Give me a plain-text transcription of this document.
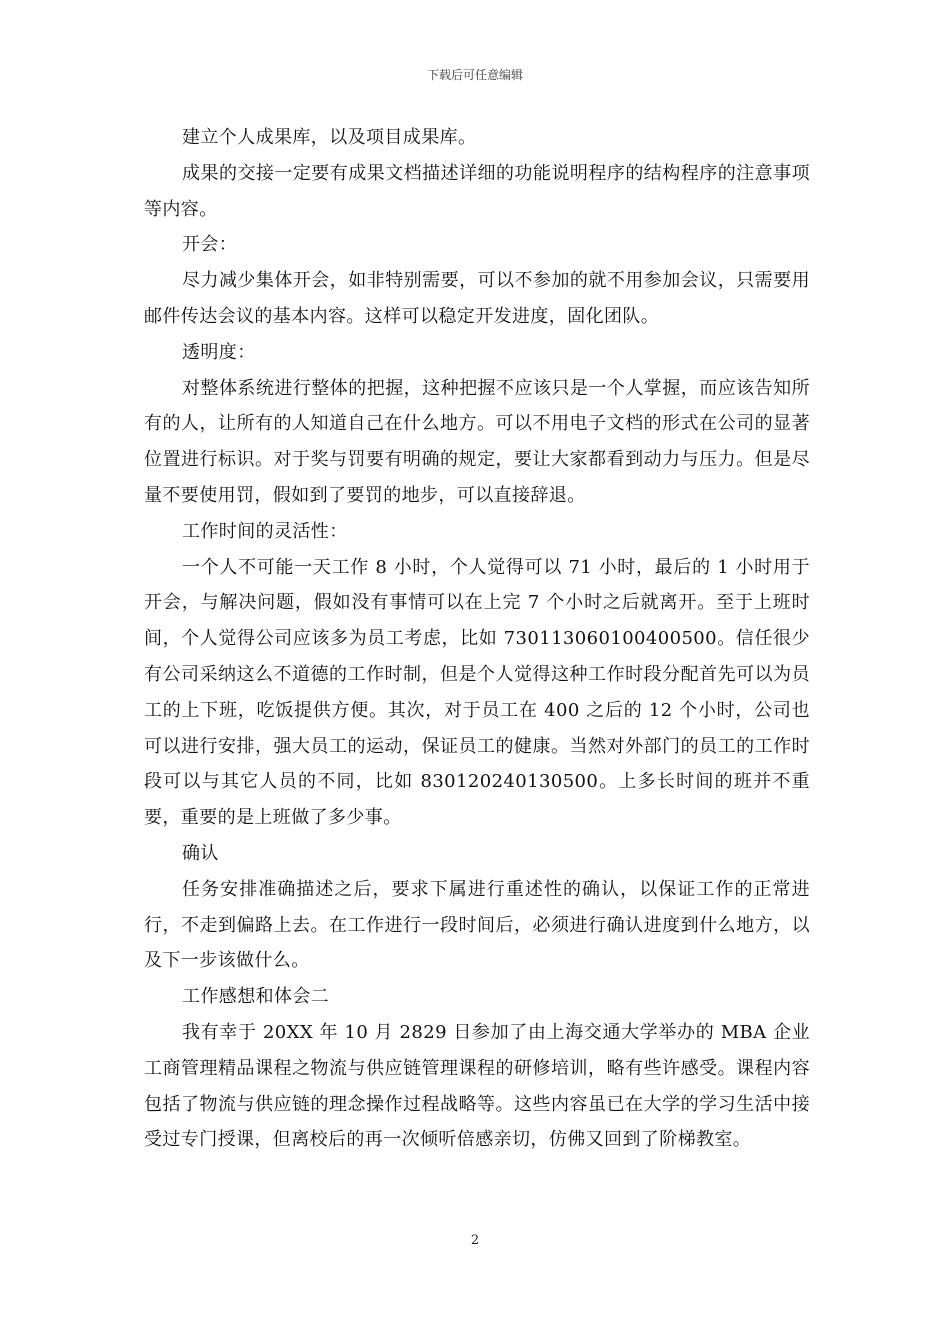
下载后可任意编辑

建立个人成果库，以及项目成果库。

成果的交接一定要有成果文档描述详细的功能说明程序的结构程序的注意事项等内容。

开会：

尽力减少集体开会，如非特别需要，可以不参加的就不用参加会议，只需要用邮件传达会议的基本内容。这样可以稳定开发进度，固化团队。

透明度：

对整体系统进行整体的把握，这种把握不应该只是一个人掌握，而应该告知所有的人，让所有的人知道自己在什么地方。可以不用电子文档的形式在公司的显著位置进行标识。对于奖与罚要有明确的规定，要让大家都看到动力与压力。但是尽量不要使用罚，假如到了要罚的地步，可以直接辞退。

工作时间的灵活性：

一个人不可能一天工作 8 小时，个人觉得可以 71 小时，最后的 1 小时用于开会，与解决问题，假如没有事情可以在上完 7 个小时之后就离开。至于上班时间，个人觉得公司应该多为员工考虑，比如 730113060100400500。信任很少有公司采纳这么不道德的工作时制，但是个人觉得这种工作时段分配首先可以为员工的上下班，吃饭提供方便。其次，对于员工在 400 之后的 12 个小时，公司也可以进行安排，强大员工的运动，保证员工的健康。当然对外部门的员工的工作时段可以与其它人员的不同，比如 830120240130500。上多长时间的班并不重要，重要的是上班做了多少事。

确认

任务安排准确描述之后，要求下属进行重述性的确认，以保证工作的正常进行，不走到偏路上去。在工作进行一段时间后，必须进行确认进度到什么地方，以及下一步该做什么。

工作感想和体会二

我有幸于 20XX 年 10 月 2829 日参加了由上海交通大学举办的 MBA 企业工商管理精品课程之物流与供应链管理课程的研修培训，略有些许感受。课程内容包括了物流与供应链的理念操作过程战略等。这些内容虽已在大学的学习生活中接受过专门授课，但离校后的再一次倾听倍感亲切，仿佛又回到了阶梯教室。

2
